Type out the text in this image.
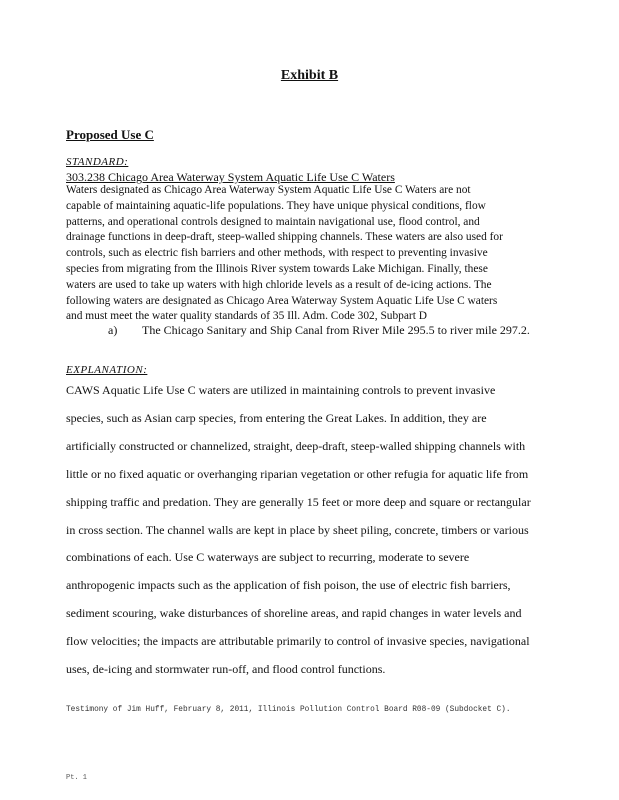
Exhibit B
Proposed Use C
STANDARD:
303.238 Chicago Area Waterway System Aquatic Life Use C Waters
Waters designated as Chicago Area Waterway System Aquatic Life Use C Waters are not
capable of maintaining aquatic-life populations. They have unique physical conditions, flow
patterns, and operational controls designed to maintain navigational use, flood control, and
drainage functions in deep-draft, steep-walled shipping channels. These waters are also used for
controls, such as electric fish barriers and other methods, with respect to preventing invasive
species from migrating from the Illinois River system towards Lake Michigan. Finally, these
waters are used to take up waters with high chloride levels as a result of de-icing actions. The
following waters are designated as Chicago Area Waterway System Aquatic Life Use C waters
and must meet the water quality standards of 35 Ill. Adm. Code 302, Subpart D
a) The Chicago Sanitary and Ship Canal from River Mile 295.5 to river mile 297.2.
EXPLANATION:
CAWS Aquatic Life Use C waters are utilized in maintaining controls to prevent invasive
species, such as Asian carp species, from entering the Great Lakes. In addition, they are
artificially constructed or channelized, straight, deep-draft, steep-walled shipping channels with
little or no fixed aquatic or overhanging riparian vegetation or other refugia for aquatic life from
shipping traffic and predation. They are generally 15 feet or more deep and square or rectangular
in cross section. The channel walls are kept in place by sheet piling, concrete, timbers or various
combinations of each. Use C waterways are subject to recurring, moderate to severe
anthropogenic impacts such as the application of fish poison, the use of electric fish barriers,
sediment scouring, wake disturbances of shoreline areas, and rapid changes in water levels and
flow velocities; the impacts are attributable primarily to control of invasive species, navigational
uses, de-icing and stormwater run-off, and flood control functions.
Testimony of Jim Huff, February 8, 2011, Illinois Pollution Control Board R08-09 (Subdocket C).
Pt. 1
